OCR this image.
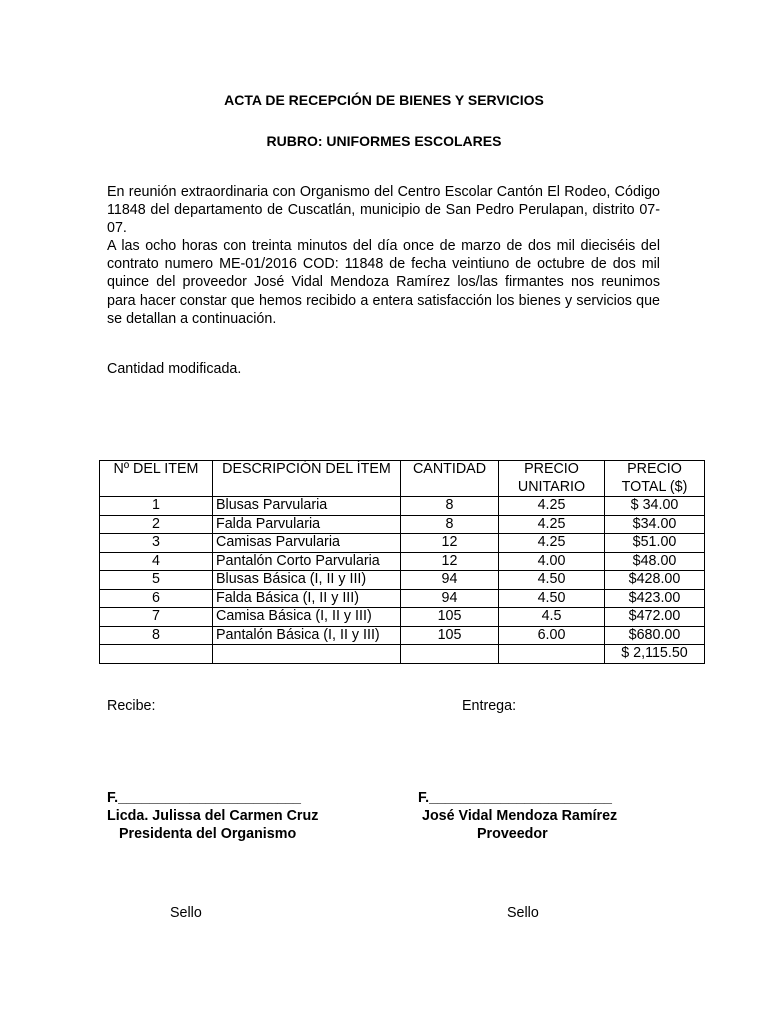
ACTA DE RECEPCIÓN DE BIENES Y SERVICIOS
RUBRO: UNIFORMES ESCOLARES
En reunión extraordinaria con Organismo del Centro Escolar Cantón El Rodeo, Código 11848 del departamento de Cuscatlán, municipio de San Pedro Perulapan, distrito 07-07.
A las ocho horas con treinta minutos del día once de marzo de dos mil dieciséis del contrato numero ME-01/2016 COD: 11848 de fecha veintiuno de octubre de dos mil quince del proveedor José Vidal Mendoza Ramírez los/las firmantes nos reunimos para hacer constar que hemos recibido a entera satisfacción los bienes y servicios que se detallan a continuación.
Cantidad modificada.
Nº DEL ITEM	DESCRIPCIÓN DEL ÍTEM	CANTIDAD	PRECIO UNITARIO	PRECIO TOTAL ($)
1	Blusas Parvularia	8	4.25	$ 34.00
2	Falda Parvularia	8	4.25	$34.00
3	Camisas Parvularia	12	4.25	$51.00
4	Pantalón Corto Parvularia	12	4.00	$48.00
5	Blusas Básica (I, II y III)	94	4.50	$428.00
6	Falda Básica (I, II y III)	94	4.50	$423.00
7	Camisa Básica (I, II y III)	105	4.5	$472.00
8	Pantalón Básica (I, II y III)	105	6.00	$680.00
				$ 2,115.50
Recibe:	Entrega:
F._______________________
Licda. Julissa del Carmen Cruz
Presidenta del Organismo
F._______________________
José Vidal Mendoza Ramírez
Proveedor
Sello	Sello
